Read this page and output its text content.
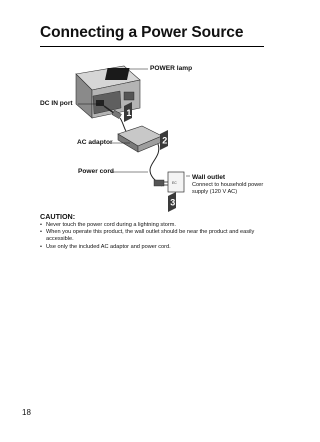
Connecting a Power Source
EC
1
2
3
POWER lamp
DC IN port
AC adaptor
Power cord
Wall outlet
Connect to household power
supply (120 V AC)
CAUTION:
• Never touch the power cord during a lightning storm.
• When you operate this product, the wall outlet should be near the product and easily accessible.
• Use only the included AC adaptor and power cord.
18
